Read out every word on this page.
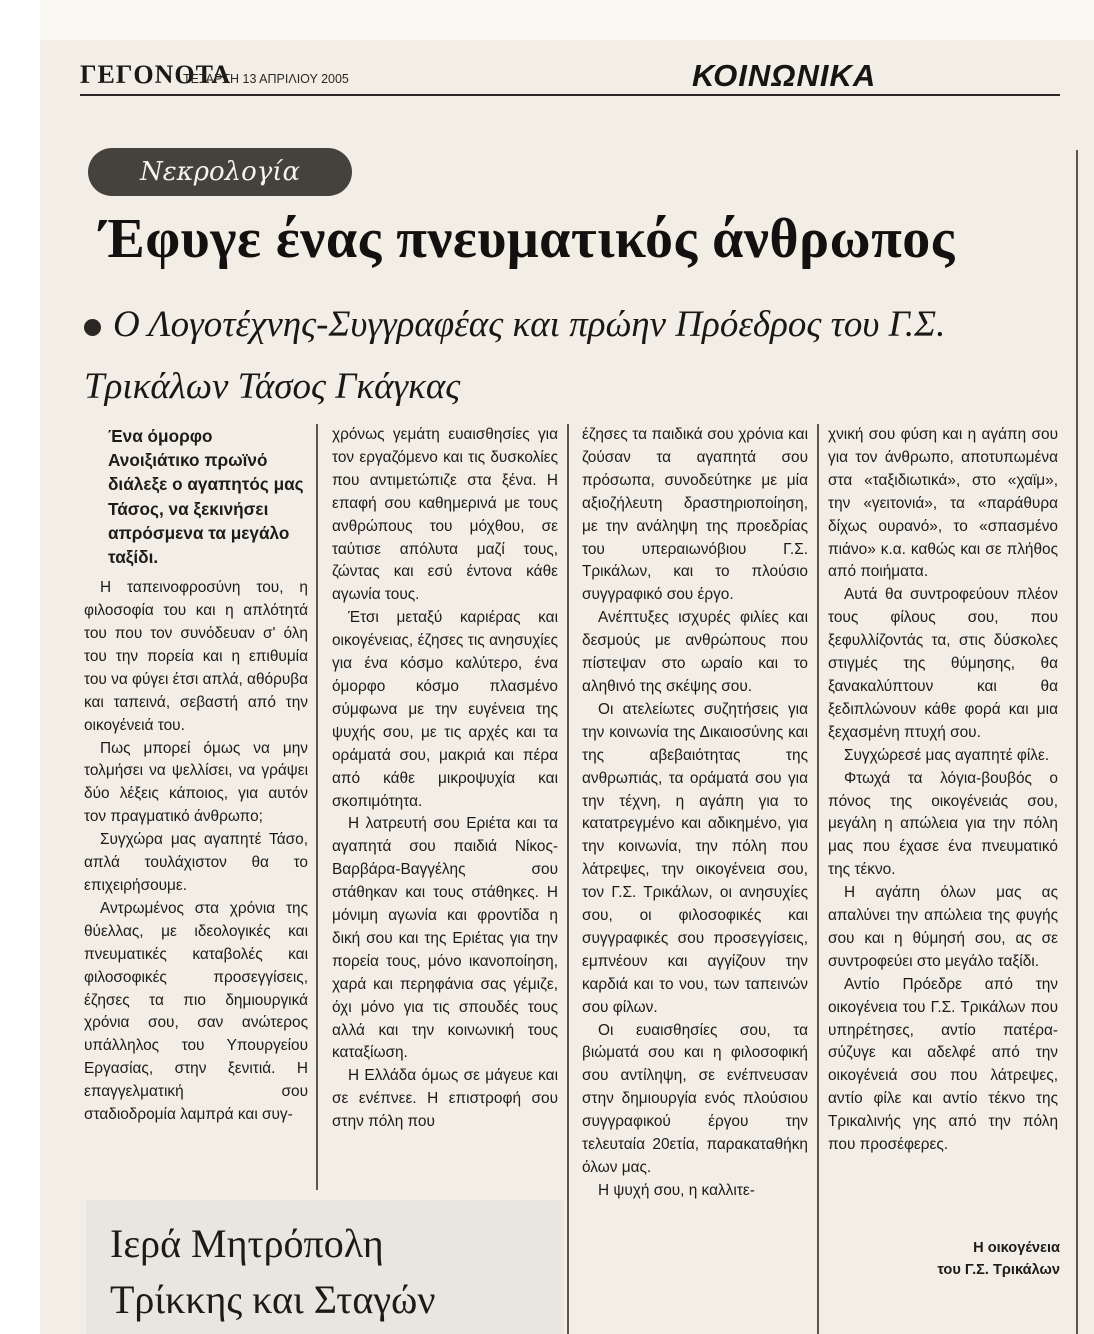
ΓΕΓΟΝΟΤΑ
ΤΕΤΑΡΤΗ 13 ΑΠΡΙΛΙΟΥ 2005	ΚΟΙΝΩΝΙΚΑ
Νεκρολογία
Έφυγε ένας πνευματικός άνθρωπος
Ο Λογοτέχνης-Συγγραφέας και πρώην Πρόεδρος του Γ.Σ. Τρικάλων Τάσος Γκάγκας

Ένα όμορφο Ανοιξιάτικο πρωϊνό διάλεξε ο αγαπητός μας Τάσος, να ξεκινήσει απρόσμενα τα μεγάλο ταξίδι.

Η ταπεινοφροσύνη του, η φιλοσοφία του και η απλότητά του που τον συνόδευαν σ' όλη του την πορεία και η επιθυμία του να φύγει έτσι απλά, αθόρυβα και ταπεινά, σεβαστή από την οικογένειά του.

Πως μπορεί όμως να μην τολμήσει να ψελλίσει, να γράψει δύο λέξεις κάποιος, για αυτόν τον πραγματικό άνθρωπο;

Συγχώρα μας αγαπητέ Τάσο, απλά τουλάχιστον θα το επιχειρήσουμε.

Αντρωμένος στα χρόνια της θύελλας, με ιδεολογικές και πνευματικές καταβολές και φιλοσοφικές προσεγγίσεις, έζησες τα πιο δημιουργικά χρόνια σου, σαν ανώτερος υπάλληλος του Υπουργείου Εργασίας, στην ξενιτιά. Η επαγγελματική σου σταδιοδρομία λαμπρά και συγ-

χρόνως γεμάτη ευαισθησίες για τον εργαζόμενο και τις δυσκολίες που αντιμετώπιζε στα ξένα. Η επαφή σου καθημερινά με τους ανθρώπους του μόχθου, σε ταύτισε απόλυτα μαζί τους, ζώντας και εσύ έντονα κάθε αγωνία τους.

Έτσι μεταξύ καριέρας και οικογένειας, έζησες τις ανησυχίες για ένα κόσμο καλύτερο, ένα όμορφο κόσμο πλασμένο σύμφωνα με την ευγένεια της ψυχής σου, με τις αρχές και τα οράματά σου, μακριά και πέρα από κάθε μικροψυχία και σκοπιμότητα.

Η λατρευτή σου Εριέτα και τα αγαπητά σου παιδιά Νίκος-Βαρβάρα-Βαγγέλης σου στάθηκαν και τους στάθηκες. Η μόνιμη αγωνία και φροντίδα η δική σου και της Εριέτας για την πορεία τους, μόνο ικανοποίηση, χαρά και περηφάνια σας γέμιζε, όχι μόνο για τις σπουδές τους αλλά και την κοινωνική τους καταξίωση.

Η Ελλάδα όμως σε μάγευε και σε ενέπνεε. Η επιστροφή σου στην πόλη που

έζησες τα παιδικά σου χρόνια και ζούσαν τα αγαπητά σου πρόσωπα, συνοδεύτηκε με μία αξιοζήλευτη δραστηριοποίηση, με την ανάληψη της προεδρίας του υπεραιωνόβιου Γ.Σ. Τρικάλων, και το πλούσιο συγγραφικό σου έργο.

Ανέπτυξες ισχυρές φιλίες και δεσμούς με ανθρώπους που πίστεψαν στο ωραίο και το αληθινό της σκέψης σου.

Οι ατελείωτες συζητήσεις για την κοινωνία της Δικαιοσύνης και της αβεβαιότητας της ανθρωπιάς, τα οράματά σου για την τέχνη, η αγάπη για το κατατρεγμένο και αδικημένο, για την κοινωνία, την πόλη που λάτρεψες, την οικογένεια σου, τον Γ.Σ. Τρικάλων, οι ανησυχίες σου, οι φιλοσοφικές και συγγραφικές σου προσεγγίσεις, εμπνέουν και αγγίζουν την καρδιά και το νου, των ταπεινών σου φίλων.

Οι ευαισθησίες σου, τα βιώματά σου και η φιλοσοφική σου αντίληψη, σε ενέπνευσαν στην δημιουργία ενός πλούσιου συγγραφικού έργου την τελευταία 20ετία, παρακαταθήκη όλων μας.

Η ψυχή σου, η καλλιτε-

χνική σου φύση και η αγάπη σου για τον άνθρωπο, αποτυπωμένα στα «ταξιδιωτικά», στο «χαϊμ», την «γειτονιά», τα «παράθυρα δίχως ουρανό», το «σπασμένο πιάνο» κ.α. καθώς και σε πλήθος από ποιήματα.

Αυτά θα συντροφεύουν πλέον τους φίλους σου, που ξεφυλλίζοντάς τα, στις δύσκολες στιγμές της θύμησης, θα ξανακαλύπτουν και θα ξεδιπλώνουν κάθε φορά και μια ξεχασμένη πτυχή σου.

Συγχώρεσέ μας αγαπητέ φίλε.

Φτωχά τα λόγια-βουβός ο πόνος της οικογένειάς σου, μεγάλη η απώλεια για την πόλη μας που έχασε ένα πνευματικό της τέκνο.

Η αγάπη όλων μας ας απαλύνει την απώλεια της φυγής σου και η θύμησή σου, ας σε συντροφεύει στο μεγάλο ταξίδι.

Αντίο Πρόεδρε από την οικογένεια του Γ.Σ. Τρικάλων που υπηρέτησες, αντίο πατέρα-σύζυγε και αδελφέ από την οικογένειά σου που λάτρεψες, αντίο φίλε και αντίο τέκνο της Τρικαλινής γης από την πόλη που προσέφερες.

Η οικογένεια
του Γ.Σ. Τρικάλων
Ιερά Μητρόπολη
Τρίκκης και Σταγών
